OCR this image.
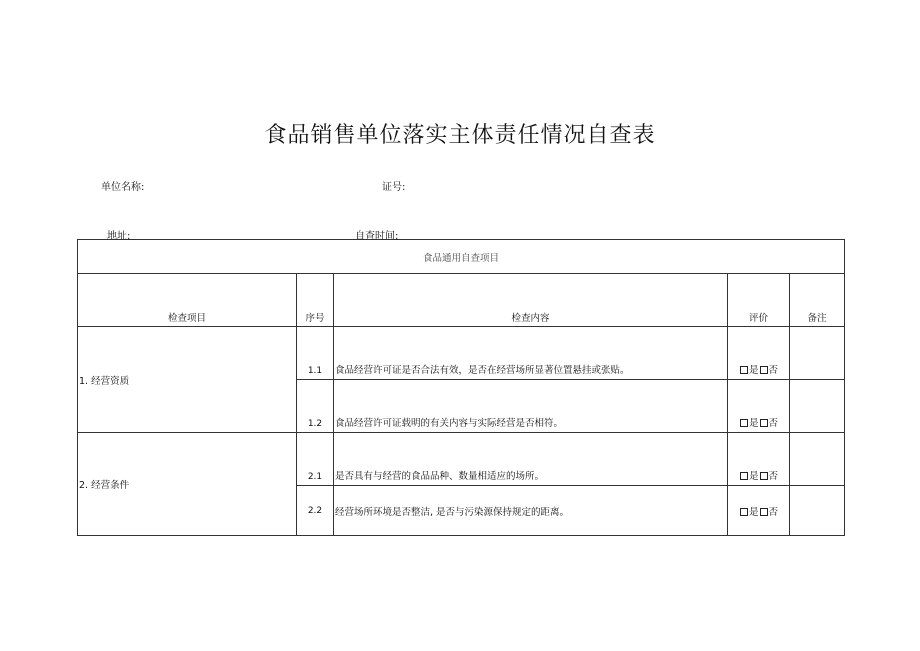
食品销售单位落实主体责任情况自查表
单位名称:	证号:
地址:	自查时间:
食品通用自查项目				
检查项目	序号	检查内容	评价	备注
1. 经营资质	1.1	食品经营许可证是否合法有效，是否在经营场所显著位置悬挂或张贴。	是 否	
	1.2	食品经营许可证载明的有关内容与实际经营是否相符。	是 否	
2. 经营条件	2.1	是否具有与经营的食品品种、数量相适应的场所。	是 否	
	2.2	经营场所环境是否整洁, 是否与污染源保持规定的距离。	是 否	
